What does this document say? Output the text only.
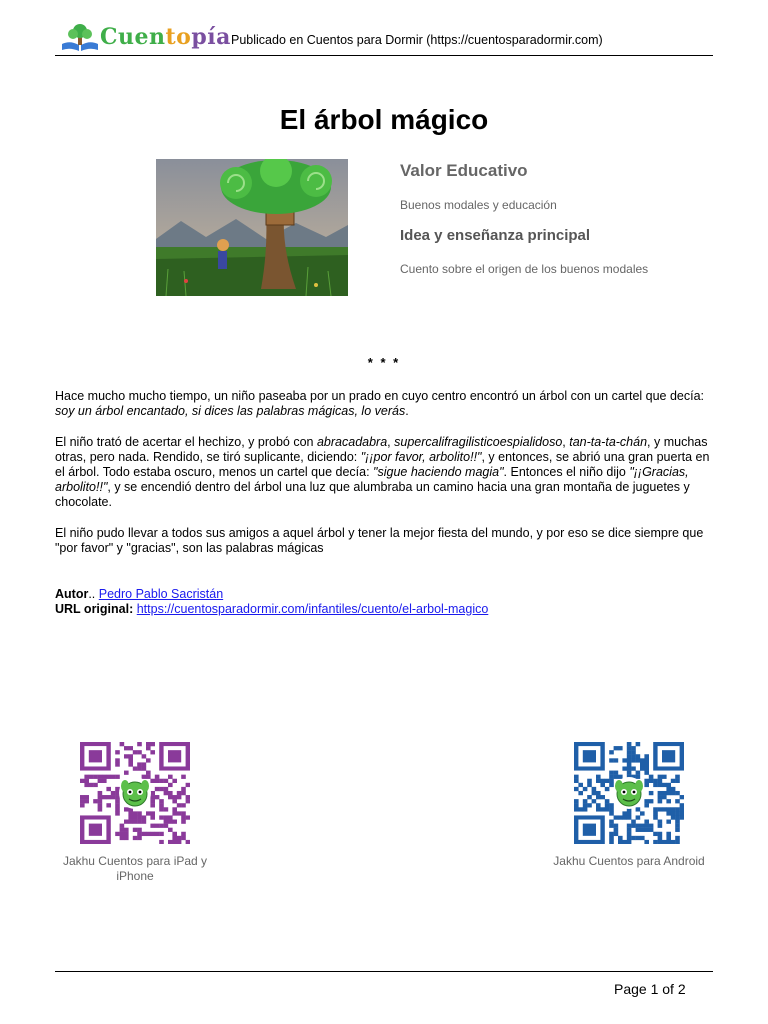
Cuentopía Publicado en Cuentos para Dormir (https://cuentosparadormir.com)
El árbol mágico
Valor Educativo
Buenos modales y educación
Idea y enseñanza principal
Cuento sobre el origen de los buenos modales
* * *
Hace mucho mucho tiempo, un niño paseaba por un prado en cuyo centro encontró un árbol con un cartel que decía: soy un árbol encantado, si dices las palabras mágicas, lo verás.
El niño trató de acertar el hechizo, y probó con abracadabra, supercalifragilisticoespialidoso, tan-ta-ta-chán, y muchas otras, pero nada. Rendido, se tiró suplicante, diciendo: "¡¡por favor, arbolito!!", y entonces, se abrió una gran puerta en el árbol. Todo estaba oscuro, menos un cartel que decía: "sigue haciendo magia". Entonces el niño dijo "¡¡Gracias, arbolito!!", y se encendió dentro del árbol una luz que alumbraba un camino hacia una gran montaña de juguetes y chocolate.
El niño pudo llevar a todos sus amigos a aquel árbol y tener la mejor fiesta del mundo, y por eso se dice siempre que "por favor" y "gracias", son las palabras mágicas
Autor.. Pedro Pablo Sacristán
URL original: https://cuentosparadormir.com/infantiles/cuento/el-arbol-magico
Jakhu Cuentos para iPad y iPhone
Jakhu Cuentos para Android
Page 1 of 2
